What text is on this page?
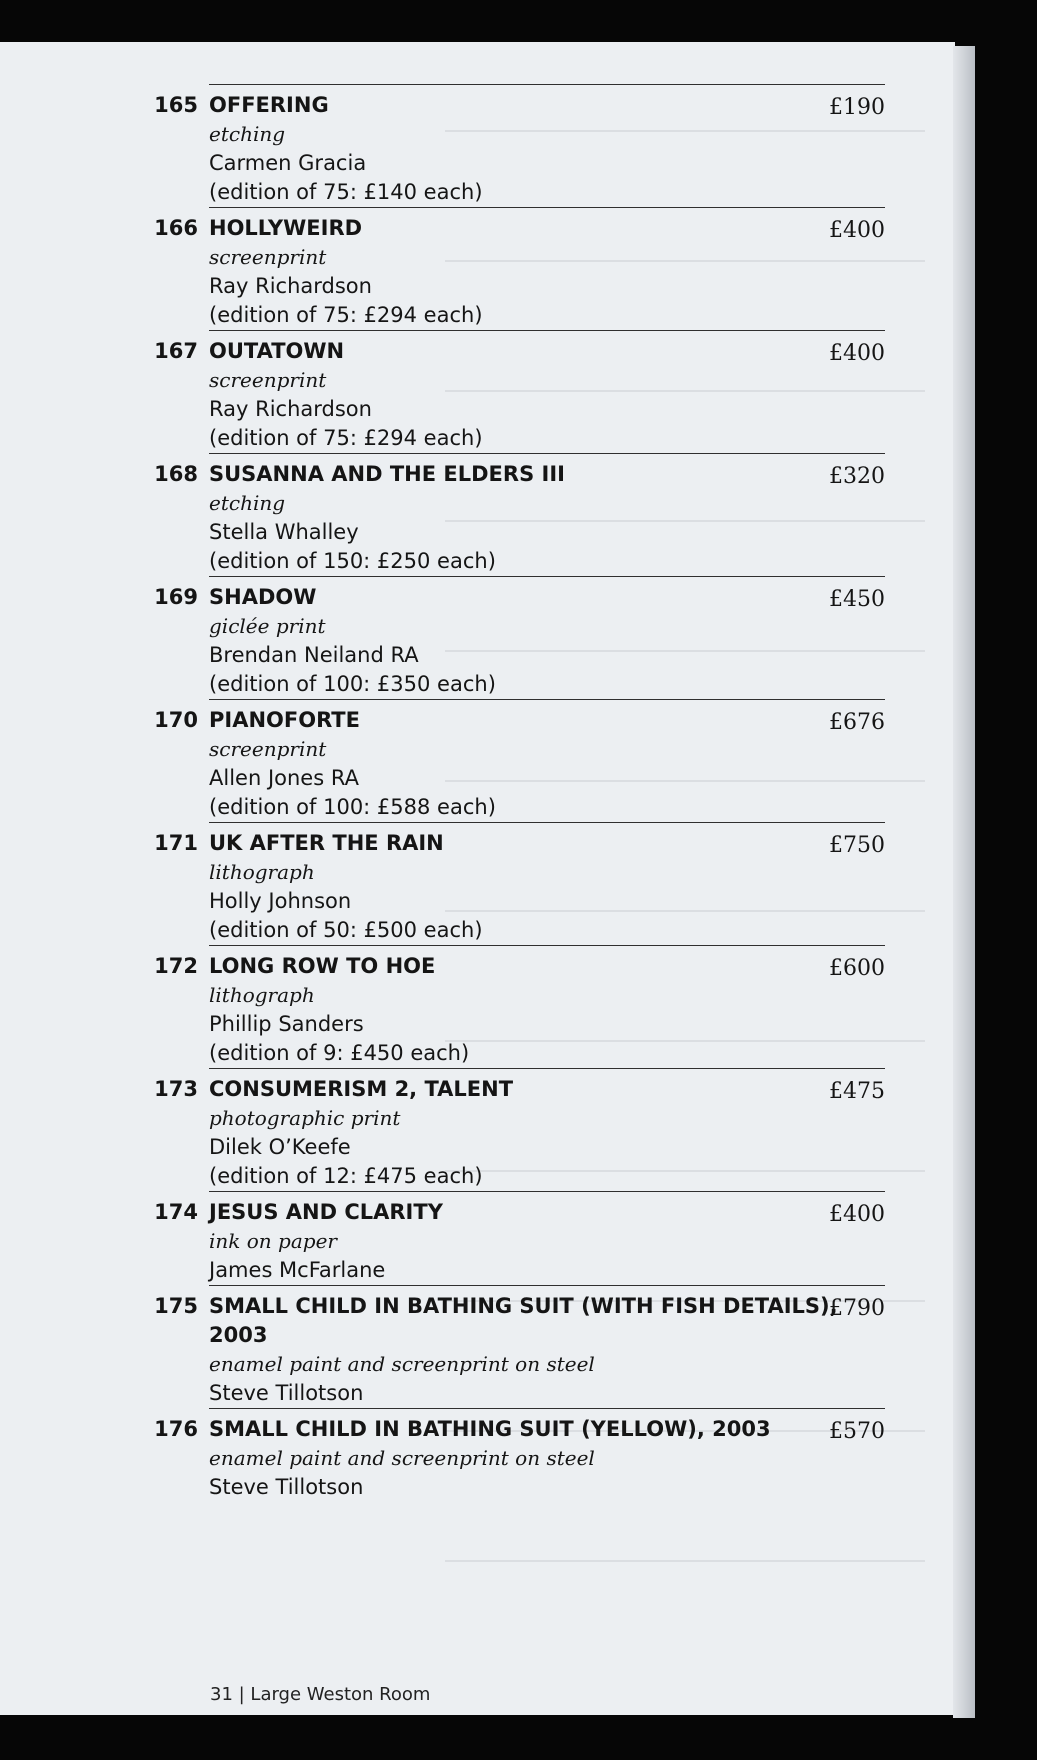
165 OFFERING
etching
Carmen Gracia
(edition of 75: £140 each)
£190
166 HOLLYWEIRD
screenprint
Ray Richardson
(edition of 75: £294 each)
£400
167 OUTATOWN
screenprint
Ray Richardson
(edition of 75: £294 each)
£400
168 SUSANNA AND THE ELDERS III
etching
Stella Whalley
(edition of 150: £250 each)
£320
169 SHADOW
giclée print
Brendan Neiland RA
(edition of 100: £350 each)
£450
170 PIANOFORTE
screenprint
Allen Jones RA
(edition of 100: £588 each)
£676
171 UK AFTER THE RAIN
lithograph
Holly Johnson
(edition of 50: £500 each)
£750
172 LONG ROW TO HOE
lithograph
Phillip Sanders
(edition of 9: £450 each)
£600
173 CONSUMERISM 2, TALENT
photographic print
Dilek O’Keefe
(edition of 12: £475 each)
£475
174 JESUS AND CLARITY
ink on paper
James McFarlane
£400
175 SMALL CHILD IN BATHING SUIT (WITH FISH DETAILS), 2003
enamel paint and screenprint on steel
Steve Tillotson
£790
176 SMALL CHILD IN BATHING SUIT (YELLOW), 2003
enamel paint and screenprint on steel
Steve Tillotson
£570
31 | Large Weston Room
